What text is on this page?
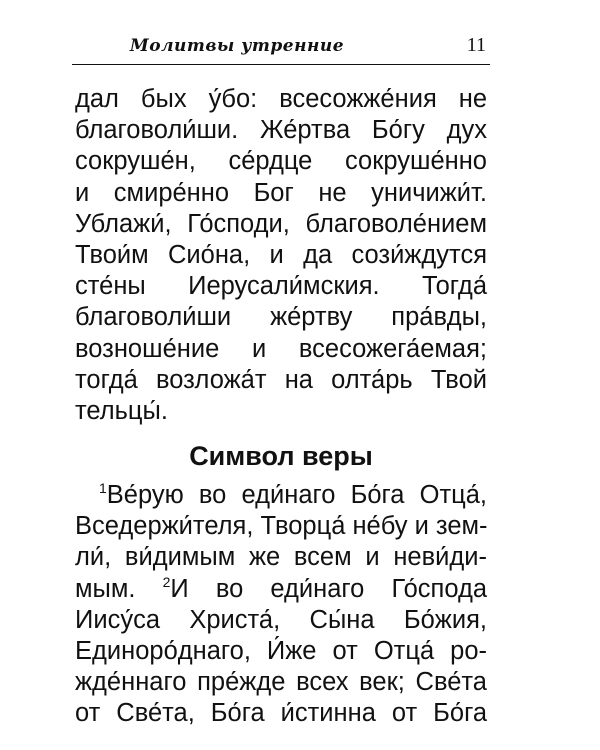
Молитвы утренние	11
дал бых у́бо: всесожже́ния не
благоволи́ши. Же́ртва Бо́гу дух
сокруше́н, се́рдце сокруше́нно
и смире́нно Бог не уничижи́т.
Ублажи́, Го́споди, благоволе́нием
Твои́м Сио́на, и да сози́ждутся
сте́ны Иерусали́мския. Тогда́
благоволи́ши же́ртву пра́вды,
возноше́ние и всесожега́емая;
тогда́ возложа́т на олта́рь Твой
тельцы́.
Символ веры
$^1$Ве́рую во еди́наго Бо́га Отца́,
Вседержи́теля, Творца́ не́бу и зем-
ли́, ви́димым же всем и неви́ди-
мым. $^2$И во еди́наго Го́спода
Иису́са Христа́, Сы́на Бо́жия,
Единоро́днаго, И́же от Отца́ ро-
жде́ннаго пре́жде всех век; Све́та
от Све́та, Бо́га и́стинна от Бо́га
